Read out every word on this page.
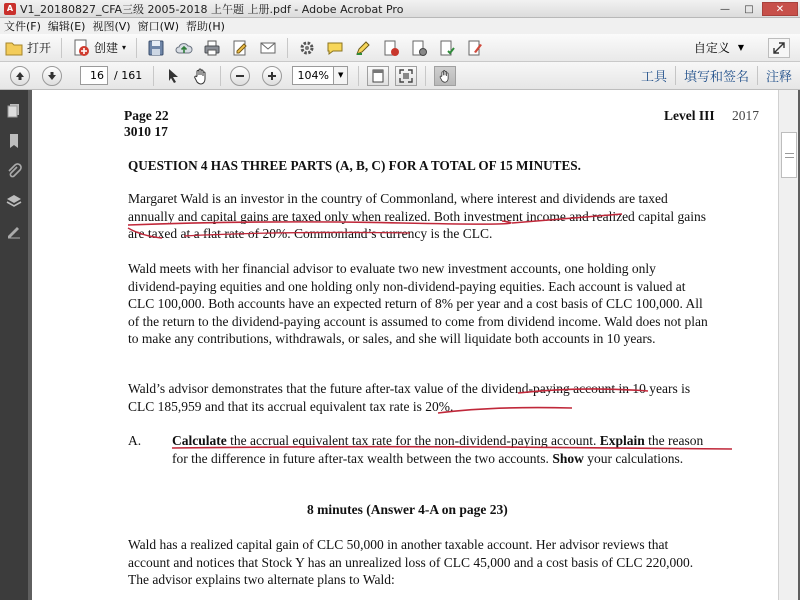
A V1_20180827_CFA三级 2005-2018 上午题 上册.pdf - Adobe Acrobat Pro	—	□	✕
文件(F) 编辑(E) 视图(V) 窗口(W) 帮助(H)
打开	创建 ▾	自定义 ▼
16 / 161	104%	▼	工具	填写和签名	注释
Page 22
3010 17
Level III 2017
QUESTION 4 HAS THREE PARTS (A, B, C) FOR A TOTAL OF 15 MINUTES.
Margaret Wald is an investor in the country of Commonland, where interest and dividends are taxed annually and capital gains are taxed only when realized. Both investment income and realized capital gains are taxed at a flat rate of 20%. Commonland’s currency is the CLC.
Wald meets with her financial advisor to evaluate two new investment accounts, one holding only dividend-paying equities and one holding only non-dividend-paying equities. Each account is valued at CLC 100,000. Both accounts have an expected return of 8% per year and a cost basis of CLC 100,000. All of the return to the dividend-paying account is assumed to come from dividend income. Wald does not plan to make any contributions, withdrawals, or sales, and she will liquidate both accounts in 10 years.
Wald’s advisor demonstrates that the future after-tax value of the dividend-paying account in 10 years is CLC 185,959 and that its accrual equivalent tax rate is 20%.
A. Calculate the accrual equivalent tax rate for the non-dividend-paying account. Explain the reason for the difference in future after-tax wealth between the two accounts. Show your calculations.
8 minutes (Answer 4-A on page 23)
Wald has a realized capital gain of CLC 50,000 in another taxable account. Her advisor reviews that account and notices that Stock Y has an unrealized loss of CLC 45,000 and a cost basis of CLC 220,000. The advisor explains two alternate plans to Wald:
